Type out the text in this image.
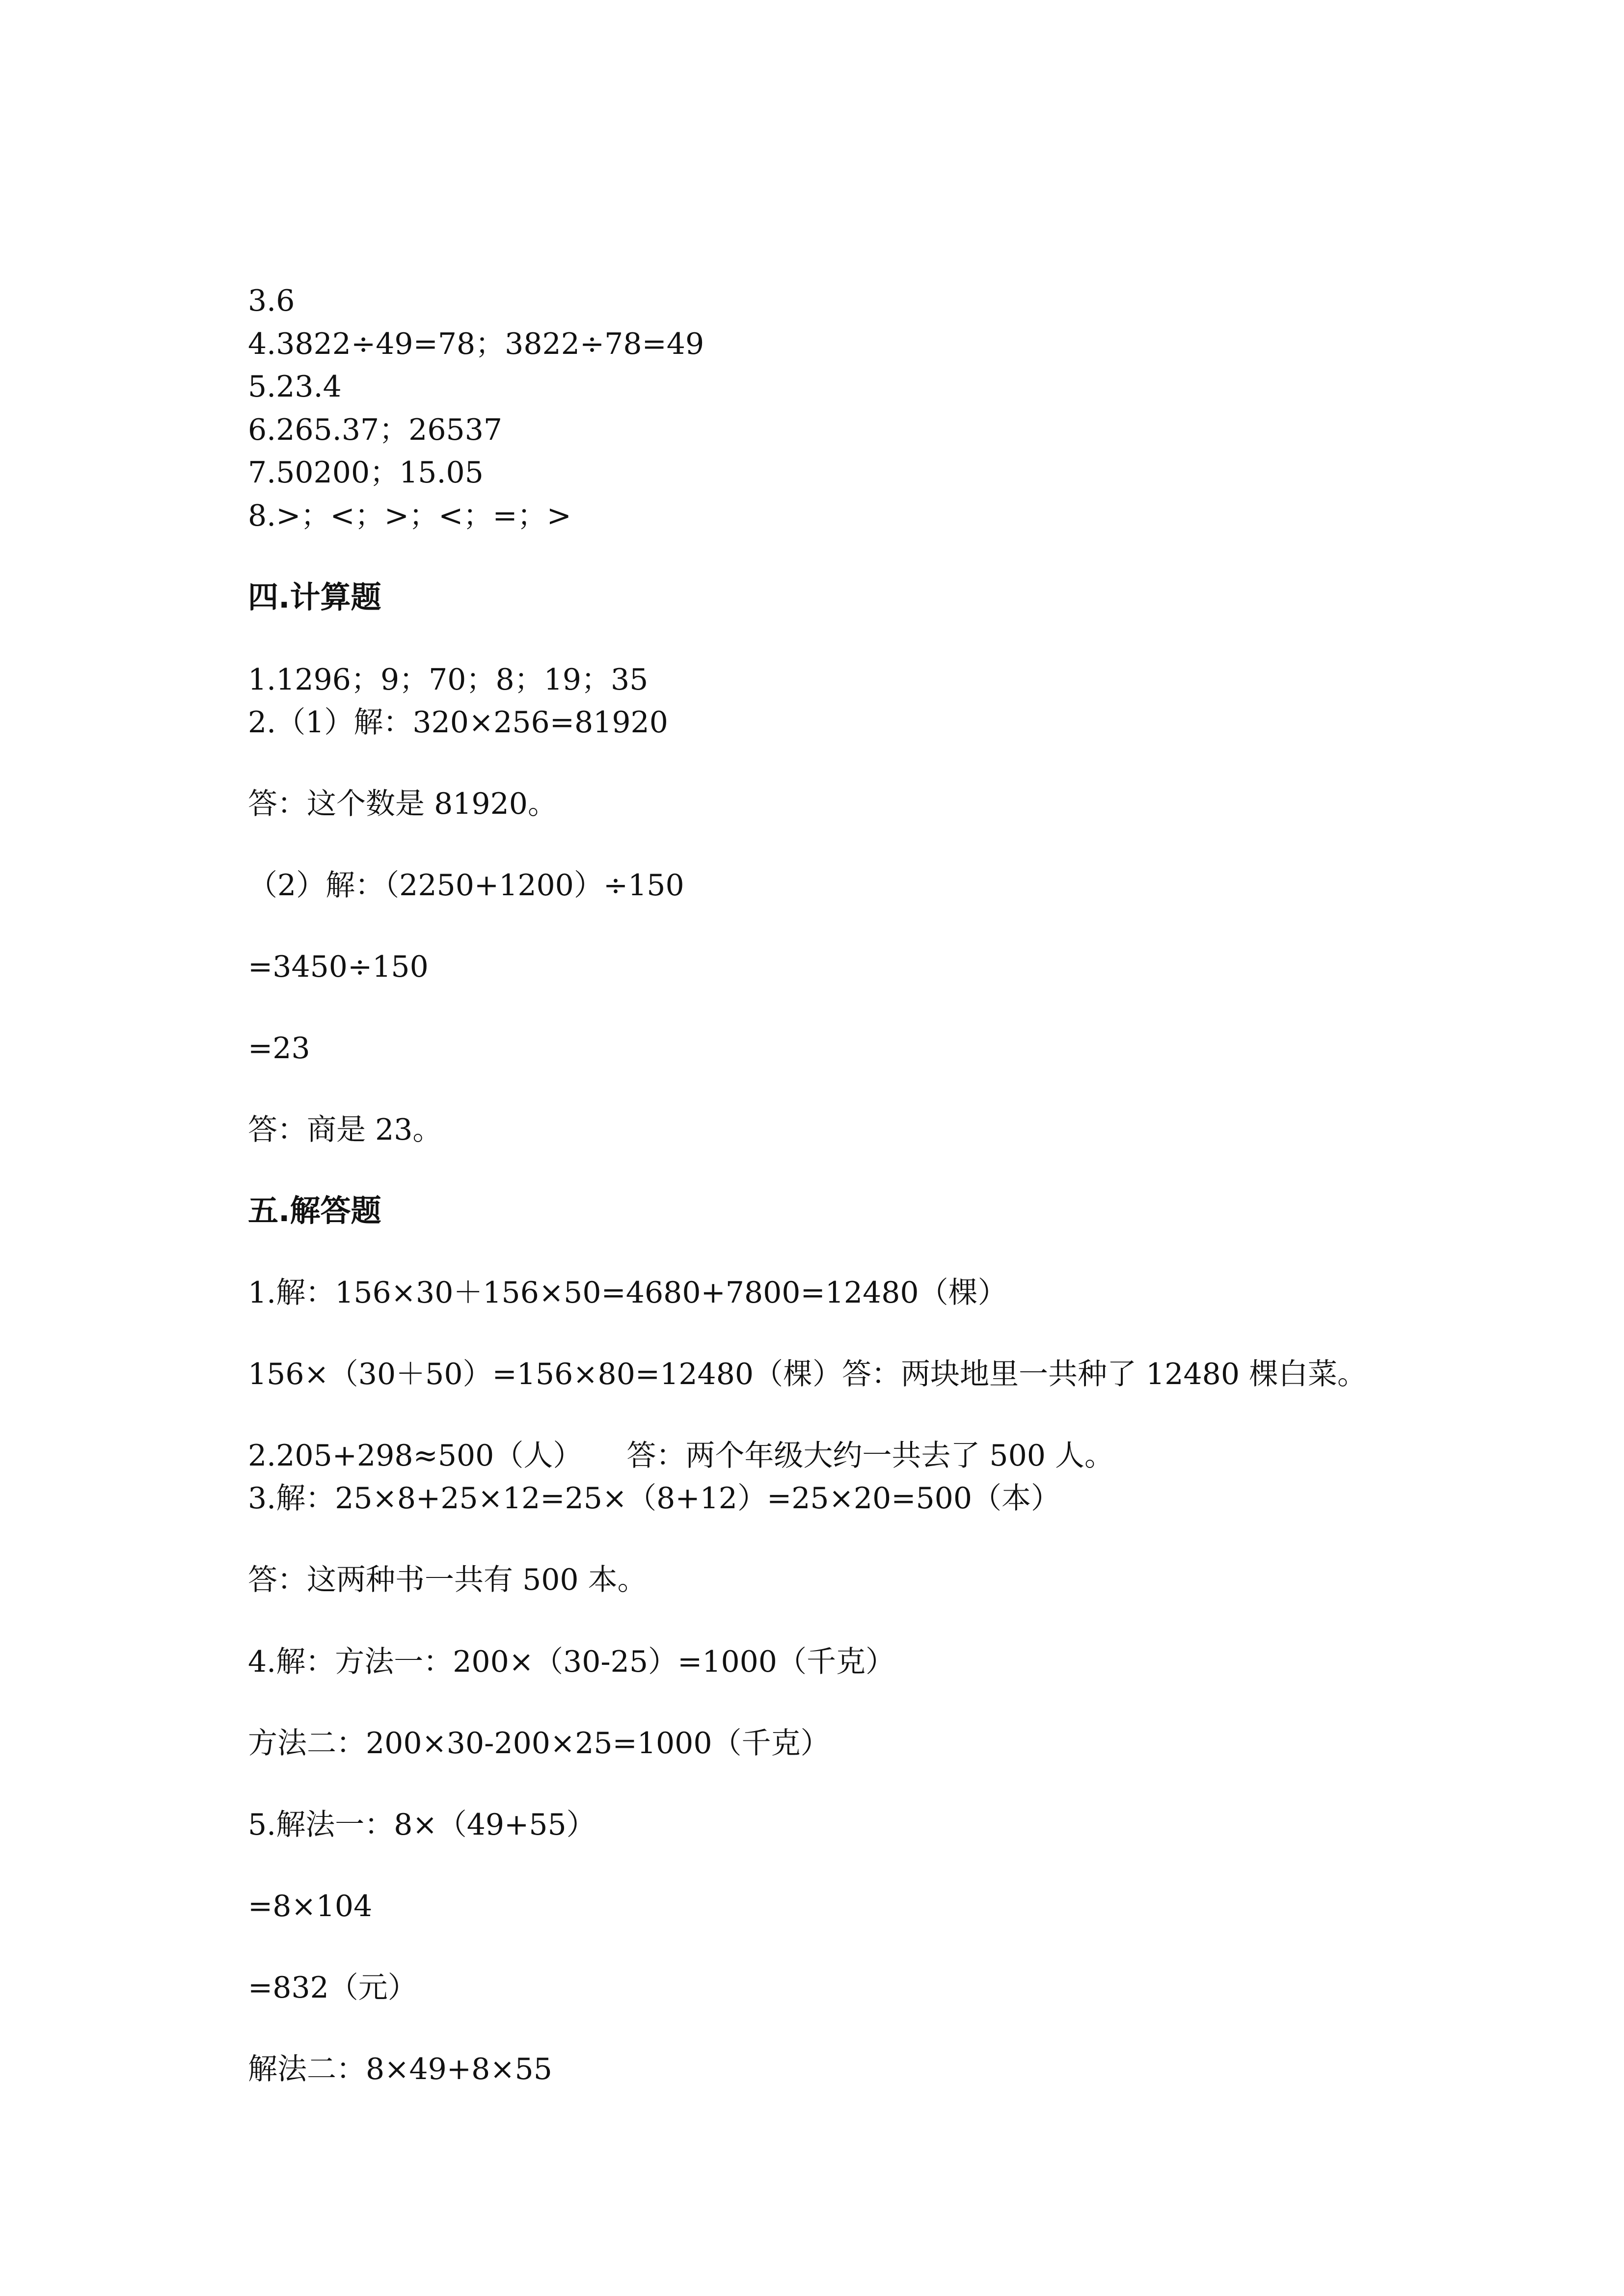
3.6

4.3822÷49=78；3822÷78=49

5.23.4

6.265.37；26537

7.50200；15.05

8.>；<；>；<；=；>

四.计算题

1.1296；9；70；8；19；35

2.（1）解：320×256=81920

答：这个数是 81920。

（2）解：（2250+1200）÷150

=3450÷150

=23

答：商是 23。

五.解答题

1.解：156×30＋156×50=4680+7800=12480（棵）

156×（30＋50）=156×80=12480（棵）答：两块地里一共种了 12480 棵白菜。

2.205+298≈500（人）　　答：两个年级大约一共去了 500 人。

3.解：25×8+25×12=25×（8+12）=25×20=500（本）

答：这两种书一共有 500 本。

4.解：方法一：200×（30-25）=1000（千克）

方法二：200×30-200×25=1000（千克）

5.解法一：8×（49+55）

=8×104

=832（元）

解法二：8×49+8×55
